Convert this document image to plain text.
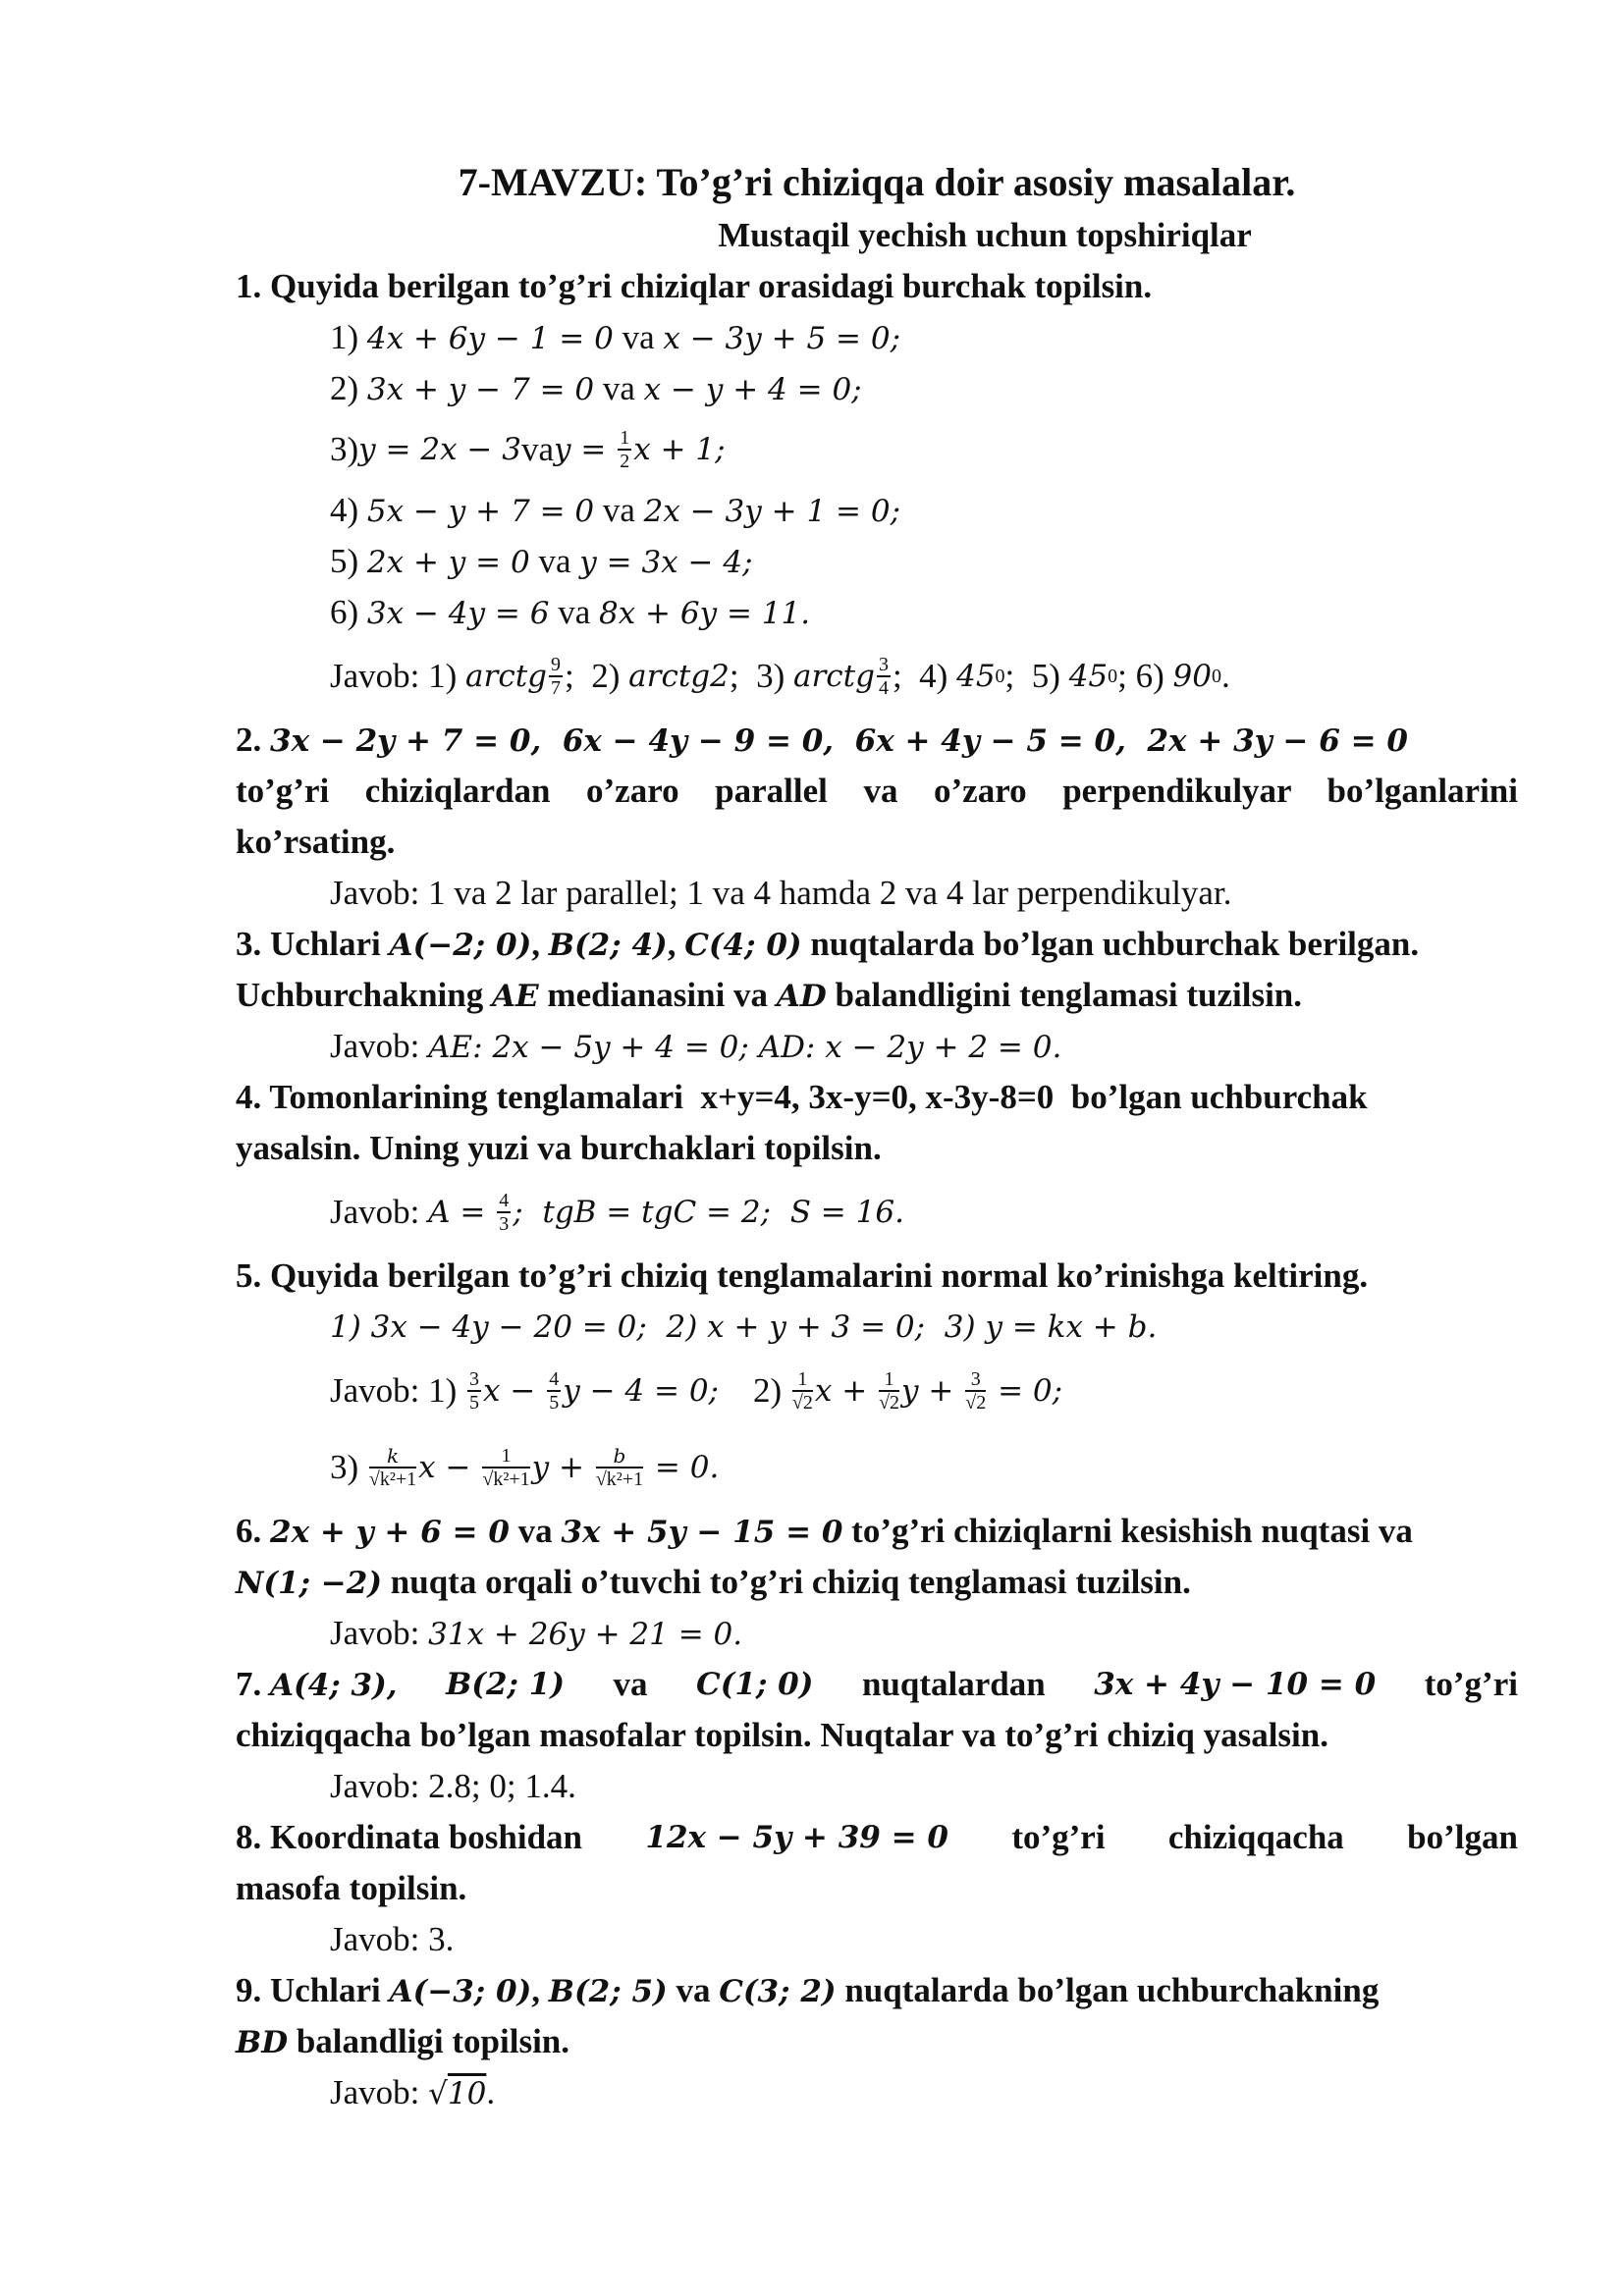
7-MAVZU: To’g’ri chiziqqa doir asosiy masalalar.
Mustaqil yechish uchun topshiriqlar
1. Quyida berilgan to’g’ri chiziqlar orasidagi burchak topilsin.
1) 4x + 6y − 1 = 0 va x − 3y + 5 = 0;
2) 3x + y − 7 = 0 va x − y + 4 = 0;
3) y = 2x − 3 va $y = \frac{1}{2}$ x + 1;
4) 5x − y + 7 = 0 va 2x − 3y + 1 = 0;
5) 2x + y = 0 va y = 3x − 4;
6) 3x − 4y = 6 va 8x + 6y = 11.
Javob: 1) arctg $\frac{9}{7}$ ;  2) arctg2 ;  3) arctg $\frac{3}{4}$ ;  4) 45 0 ;  5) 45 0 ; 6) 90 0 .
2. 3x − 2y + 7 = 0,  6x − 4y − 9 = 0,  6x + 4y − 5 = 0,  2x + 3y − 6 = 0
to’g’ri chiziqlardan o’zaro parallel va o’zaro perpendikulyar bo’lganlarini
ko’rsating.
Javob: 1 va 2 lar parallel; 1 va 4 hamda 2 va 4 lar perpendikulyar.
3. Uchlari A(−2; 0), B(2; 4), C(4; 0) nuqtalarda bo’lgan uchburchak berilgan.
Uchburchakning AE medianasini va AD balandligini tenglamasi tuzilsin.
Javob: AE: 2x − 5y + 4 = 0; AD: x − 2y + 2 = 0.
4. Tomonlarining tenglamalari  x+y=4, 3x-y=0, x-3y-8=0  bo’lgan uchburchak
yasalsin. Uning yuzi va burchaklari topilsin.
Javob: $A = \frac{4}{3}$ ;  tgB = tgC = 2;  S = 16.
5. Quyida berilgan to’g’ri chiziq tenglamalarini normal ko’rinishga keltiring.
1) 3x − 4y − 20 = 0;  2) x + y + 3 = 0;  3) y = kx + b.
Javob: $1) \frac{3}{5}$ $x - \frac{4}{5}$ y − 4 = 0;
$2) \frac{1}{√2}$ $x + \frac{1}{√2}$ $y + \frac{3}{√2} = 0$;
$3) \frac{k}{\text{√k²+1}}$ $x - \frac{1}{\text{√k²+1}}$ $y + \frac{b}{\text{√k²+1}} = 0$.
6. 2x + y + 6 = 0 va 3x + 5y − 15 = 0 to’g’ri chiziqlarni kesishish nuqtasi va
N(1; −2) nuqta orqali o’tuvchi to’g’ri chiziq tenglamasi tuzilsin.
Javob: 31x + 26y + 21 = 0.
7. A(4; 3), B(2; 1) va C(1; 0) nuqtalardan 3x + 4y − 10 = 0 to’g’ri
chiziqqacha bo’lgan masofalar topilsin. Nuqtalar va to’g’ri chiziq yasalsin.
Javob: 2.8; 0; 1.4.
8. Koordinata boshidan 12x − 5y + 39 = 0 to’g’ri chiziqqacha bo’lgan
masofa topilsin.
Javob: 3.
9. Uchlari A(−3; 0), B(2; 5) va C(3; 2) nuqtalarda bo’lgan uchburchakning
BD balandligi topilsin.
Javob: √10.
